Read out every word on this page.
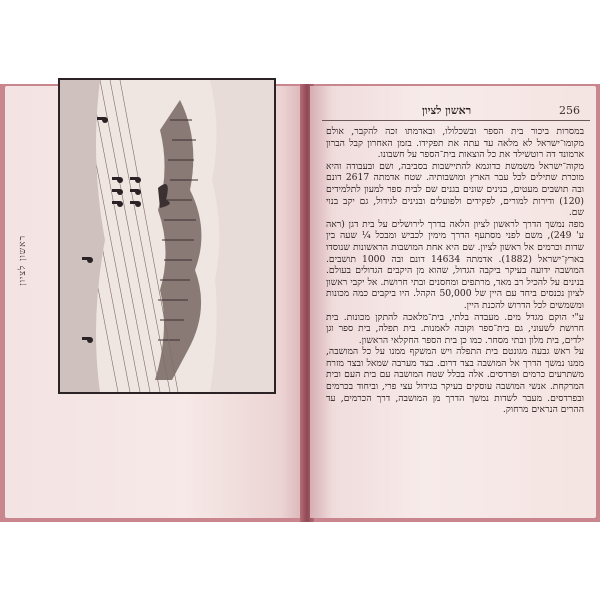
ראשון לציון
256
ראשון לציון

במסרות ביכור בית הספר ובשכלולו, ובאדמתו זכה להקבר, אולם מקומו־ישראל לא מלאה עד עתה את תפקידו. בזמן האחרון קבל הברון ארמונד דה רוטשילד את כל הוצאות בית־הספר על חשבונו.

מקוה־ישראל משמשת כדוגמא להתיישבות בסביבה, ושם ובעבודה והיא מוכרת שתילים לכל עבר הארץ ומושבותיה. שטח אדמתה 2617 דונם ובה תושבים מעטים, בנינים שונים בגנים שם לבית ספר למעון לתלמידים (120) ודירות למורים, לפקידים ולפועלים ובנינים לגידול, גם יקב בנוי שם.

מפה נמשך הדרך לראשון לציון הלאה בדרך לירושלים על בית דגן (ראה ע' 249), משם לפני מסתעף הדרך מימין לכביש ומבכל ¼ שעה בין שדות וכרמים אל ראשון לציון. שם היא אחת המושבות הראשונות שנוסדו בארץ־ישראל (1882). אדמתה 14634 דונם ובה 1000 תושבים. המושבה ידועה בעיקר ביקבה הגדול, שהוא מן היקבים הגדולים בעולם. בנינים על להכיל רב מאד, מרתפים ומחסנים ובתי חרושת. אל יקבי ראשון לציון נכנסים ביחד עם היין של 50,000 הקהל. היו ביקבים כמה מכונות ומשמשים לכל הדרוש להכנת היין.

ע"י הוקם מגדל מים. מעבדה בלתי, בית־מלאכה להתקן מכונות. בית חרושת לשעוני, גם בית־ספר וקובה לאמנות. בית תפלה, בית ספר וגן ילדים, בית מלון ובתי מסחר. כמו כן בית הספר החקלאי הראשון.

על ראש גבעה מגונטם בית התפלה ויש המשקף ממנו על כל המושבה, ממנו נמשך הדרך אל המושבה בצד דרום. בצד מערבה שמאל ובצד מזרח משתרעים כרמים ופרדסים. אלה בכלל שטח המושבה עם בית העם ובית המרקחת. אנשי המושבה עוסקים בעיקר בגידול עצי פרי, וביחוד בכרמים ובפרדסים. מעבר לשדות נמשך הדרך מן המושבה, דרך הכרמים, עד ההרים הנראים מרחוק.
